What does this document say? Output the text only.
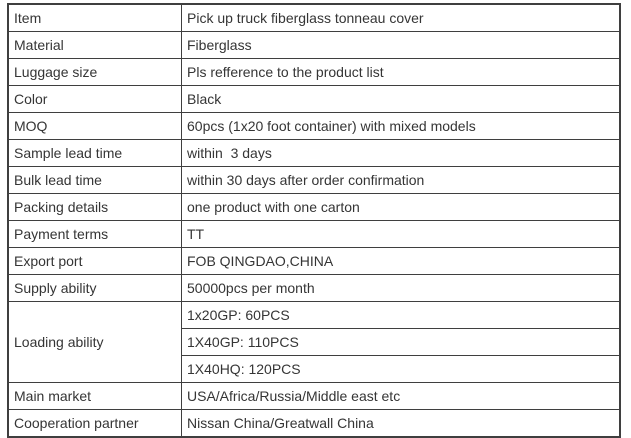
Item	Pick up truck fiberglass tonneau cover
Material	Fiberglass
Luggage size	Pls refference to the product list
Color	Black
MOQ	60pcs (1x20 foot container) with mixed models
Sample lead time	within  3 days
Bulk lead time	within 30 days after order confirmation
Packing details	one product with one carton
Payment terms	TT
Export port	FOB QINGDAO,CHINA
Supply ability	50000pcs per month
Loading ability	1x20GP: 60PCS
	1X40GP: 110PCS
	1X40HQ: 120PCS
Main market	USA/Africa/Russia/Middle east etc
Cooperation partner	Nissan China/Greatwall China
